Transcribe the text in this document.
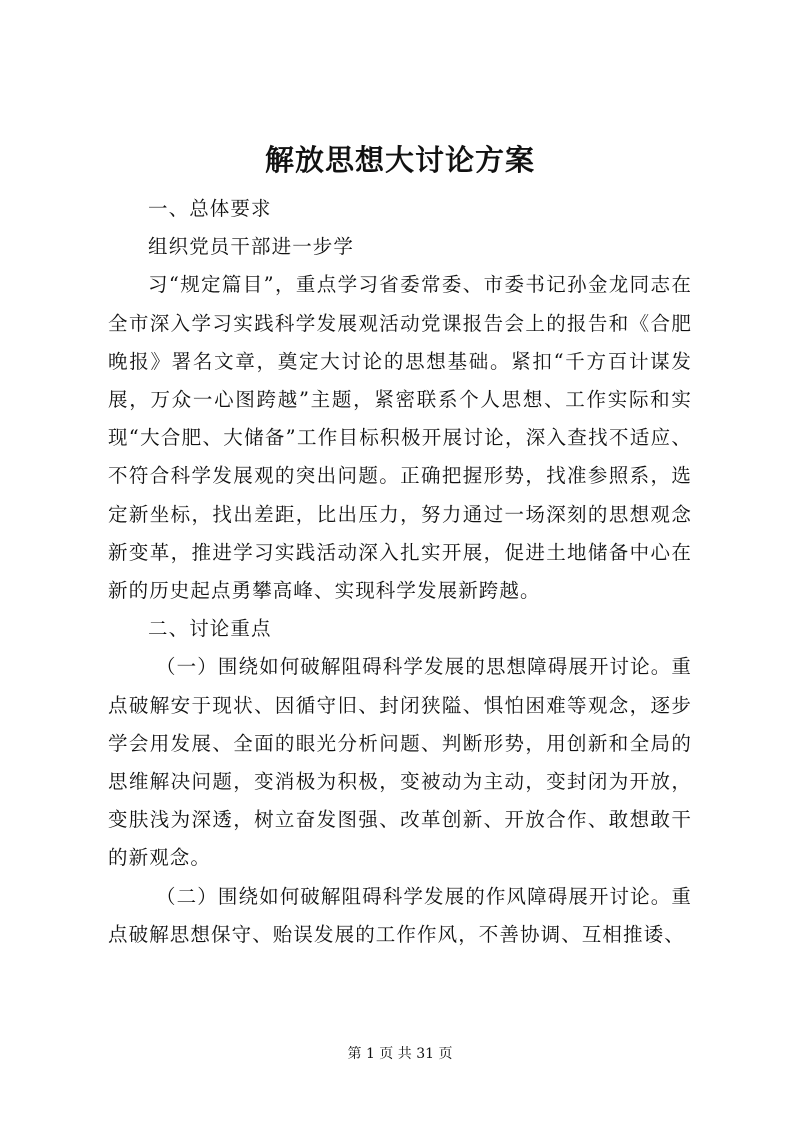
解放思想大讨论方案

一、总体要求

组织党员干部进一步学

习“规定篇目”，重点学习省委常委、市委书记孙金龙同志在全市深入学习实践科学发展观活动党课报告会上的报告和《合肥晚报》署名文章，奠定大讨论的思想基础。紧扣“千方百计谋发展，万众一心图跨越”主题，紧密联系个人思想、工作实际和实现“大合肥、大储备”工作目标积极开展讨论，深入查找不适应、不符合科学发展观的突出问题。正确把握形势，找准参照系，选定新坐标，找出差距，比出压力，努力通过一场深刻的思想观念新变革，推进学习实践活动深入扎实开展，促进土地储备中心在新的历史起点勇攀高峰、实现科学发展新跨越。

二、讨论重点

（一）围绕如何破解阻碍科学发展的思想障碍展开讨论。重点破解安于现状、因循守旧、封闭狭隘、惧怕困难等观念，逐步学会用发展、全面的眼光分析问题、判断形势，用创新和全局的思维解决问题，变消极为积极，变被动为主动，变封闭为开放，变肤浅为深透，树立奋发图强、改革创新、开放合作、敢想敢干的新观念。

（二）围绕如何破解阻碍科学发展的作风障碍展开讨论。重点破解思想保守、贻误发展的工作作风，不善协调、互相推诿、

第 1 页 共 31 页
